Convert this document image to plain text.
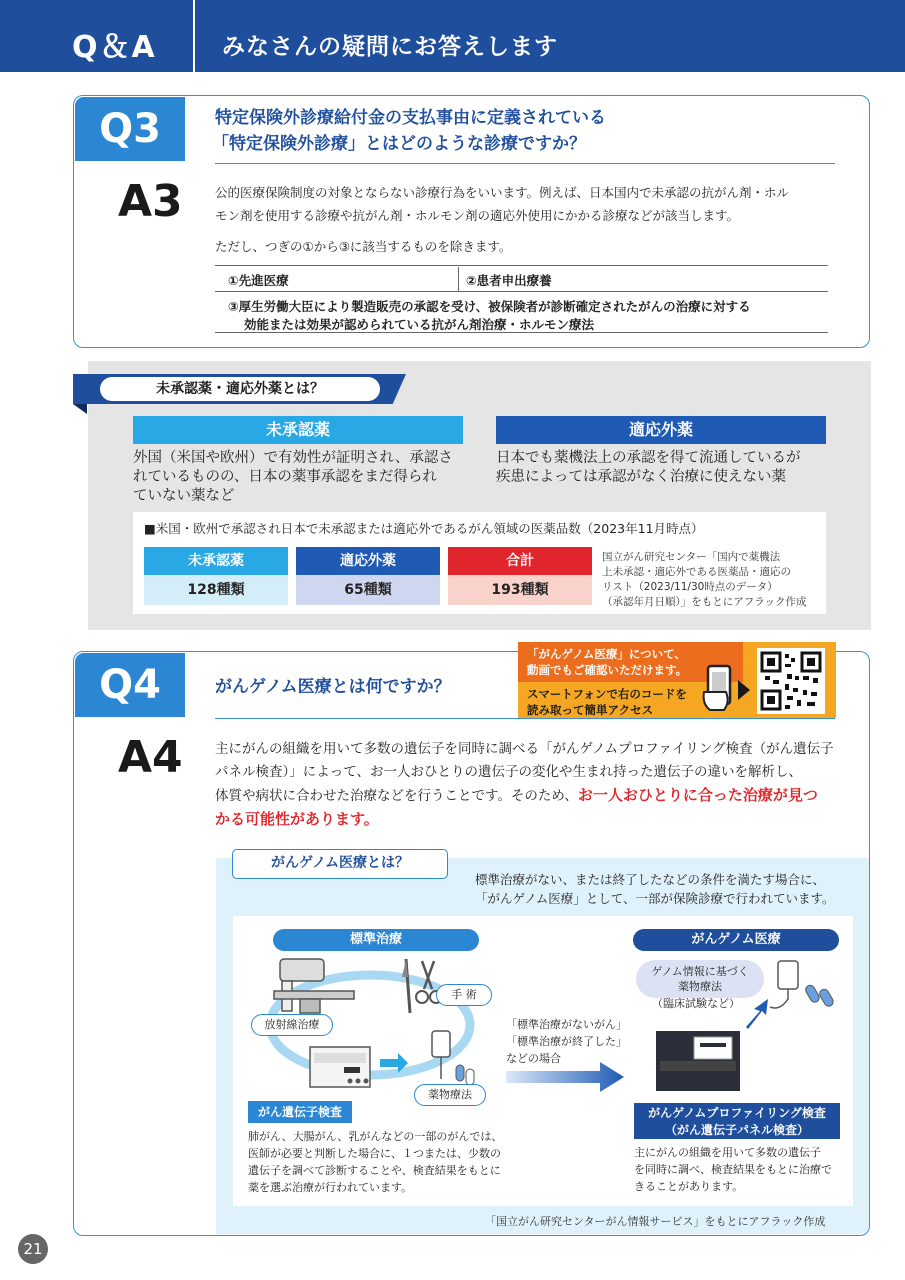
Q＆A	みなさんの疑問にお答えします
Q3	特定保険外診療給付金の支払事由に定義されている
「特定保険外診療」とはどのような診療ですか？
A3	公的医療保険制度の対象とならない診療行為をいいます。例えば、日本国内で未承認の抗がん剤・ホル
モン剤を使用する診療や抗がん剤・ホルモン剤の適応外使用にかかる診療などが該当します。
ただし、つぎの①から③に該当するものを除きます。
①先進医療	②患者申出療養
③厚生労働大臣により製造販売の承認を受け、被保険者が診断確定されたがんの治療に対する
効能または効果が認められている抗がん剤治療・ホルモン療法
未承認薬・適応外薬とは？
未承認薬
外国（米国や欧州）で有効性が証明され、承認さ
れているものの、日本の薬事承認をまだ得られ
ていない薬など
適応外薬
日本でも薬機法上の承認を得て流通しているが
疾患によっては承認がなく治療に使えない薬
■米国・欧州で承認され日本で未承認または適応外であるがん領域の医薬品数（2023年11月時点）
未承認薬
128種類
適応外薬
65種類
合計
193種類
国立がん研究センター「国内で薬機法
上未承認・適応外である医薬品・適応の
リスト（2023/11/30時点のデータ）
（承認年月日順）」をもとにアフラック作成
Q4	がんゲノム医療とは何ですか？
「がんゲノム医療」について、
動画でもご確認いただけます。
スマートフォンで右のコードを
読み取って簡単アクセス
A4 主にがんの組織を用いて多数の遺伝子を同時に調べる「がんゲノムプロファイリング検査（がん遺伝子
パネル検査）」によって、お一人おひとりの遺伝子の変化や生まれ持った遺伝子の違いを解析し、
体質や病状に合わせた治療などを行うことです。そのため、お一人おひとりに合った治療が見つ
かる可能性があります。
がんゲノム医療とは？
標準治療がない、または終了したなどの条件を満たす場合に、
「がんゲノム医療」として、一部が保険診療で行われています。
標準治療
手 術
放射線治療
薬物療法
がん遺伝子検査
肺がん、大腸がん、乳がんなどの一部のがんでは、
医師が必要と判断した場合に、１つまたは、少数の
遺伝子を調べて診断することや、検査結果をもとに
薬を選ぶ治療が行われています。
「標準治療がないがん」
「標準治療が終了した」
などの場合
がんゲノム医療
ゲノム情報に基づく
薬物療法
（臨床試験など）
がんゲノムプロファイリング検査
（がん遺伝子パネル検査）
主にがんの組織を用いて多数の遺伝子
を同時に調べ、検査結果をもとに治療で
きることがあります。
「国立がん研究センターがん情報サービス」をもとにアフラック作成
21
